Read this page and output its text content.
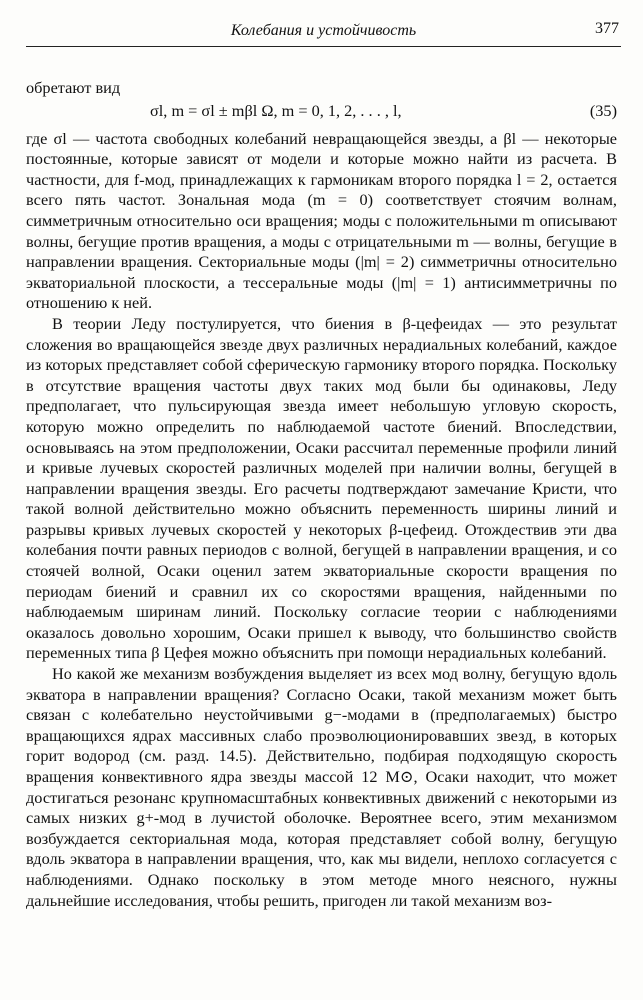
Колебания и устойчивость	377

обретают вид

σl, m = σl ± mβl Ω, m = 0, 1, 2, . . . , l,	(35)

где σl — частота свободных колебаний невращающейся звезды, а βl — некоторые постоянные, которые зависят от модели и которые можно найти из расчета. В частности, для f-мод, принадлежащих к гармоникам второго порядка l = 2, остается всего пять частот. Зональная мода (m = 0) соответствует стоячим волнам, симметричным относительно оси вращения; моды с положительными m описывают волны, бегущие против вращения, а моды с отрицательными m — волны, бегущие в направлении вращения. Секториальные моды (|m| = 2) симметричны относительно экваториальной плоскости, а тессеральные моды (|m| = 1) антисимметричны по отношению к ней.

В теории Леду постулируется, что биения в β-цефеидах — это результат сложения во вращающейся звезде двух различных нерадиальных колебаний, каждое из которых представляет собой сферическую гармонику второго порядка. Поскольку в отсутствие вращения частоты двух таких мод были бы одинаковы, Леду предполагает, что пульсирующая звезда имеет небольшую угловую скорость, которую можно определить по наблюдаемой частоте биений. Впоследствии, основываясь на этом предположении, Осаки рассчитал переменные профили линий и кривые лучевых скоростей различных моделей при наличии волны, бегущей в направлении вращения звезды. Его расчеты подтверждают замечание Кристи, что такой волной действительно можно объяснить переменность ширины линий и разрывы кривых лучевых скоростей у некоторых β-цефеид. Отождествив эти два колебания почти равных периодов с волной, бегущей в направлении вращения, и со стоячей волной, Осаки оценил затем экваториальные скорости вращения по периодам биений и сравнил их со скоростями вращения, найденными по наблюдаемым ширинам линий. Поскольку согласие теории с наблюдениями оказалось довольно хорошим, Осаки пришел к выводу, что большинство свойств переменных типа β Цефея можно объяснить при помощи нерадиальных колебаний.

Но какой же механизм возбуждения выделяет из всех мод волну, бегущую вдоль экватора в направлении вращения? Согласно Осаки, такой механизм может быть связан с колебательно неустойчивыми g−-модами в (предполагаемых) быстро вращающихся ядрах массивных слабо проэволюционировавших звезд, в которых горит водород (см. разд. 14.5). Действительно, подбирая подходящую скорость вращения конвективного ядра звезды массой 12 M⊙, Осаки находит, что может достигаться резонанс крупномасштабных конвективных движений с некоторыми из самых низких g+-мод в лучистой оболочке. Вероятнее всего, этим механизмом возбуждается секториальная мода, которая представляет собой волну, бегущую вдоль экватора в направлении вращения, что, как мы видели, неплохо согласуется с наблюдениями. Однако поскольку в этом методе много неясного, нужны дальнейшие исследования, чтобы решить, пригоден ли такой механизм воз-
